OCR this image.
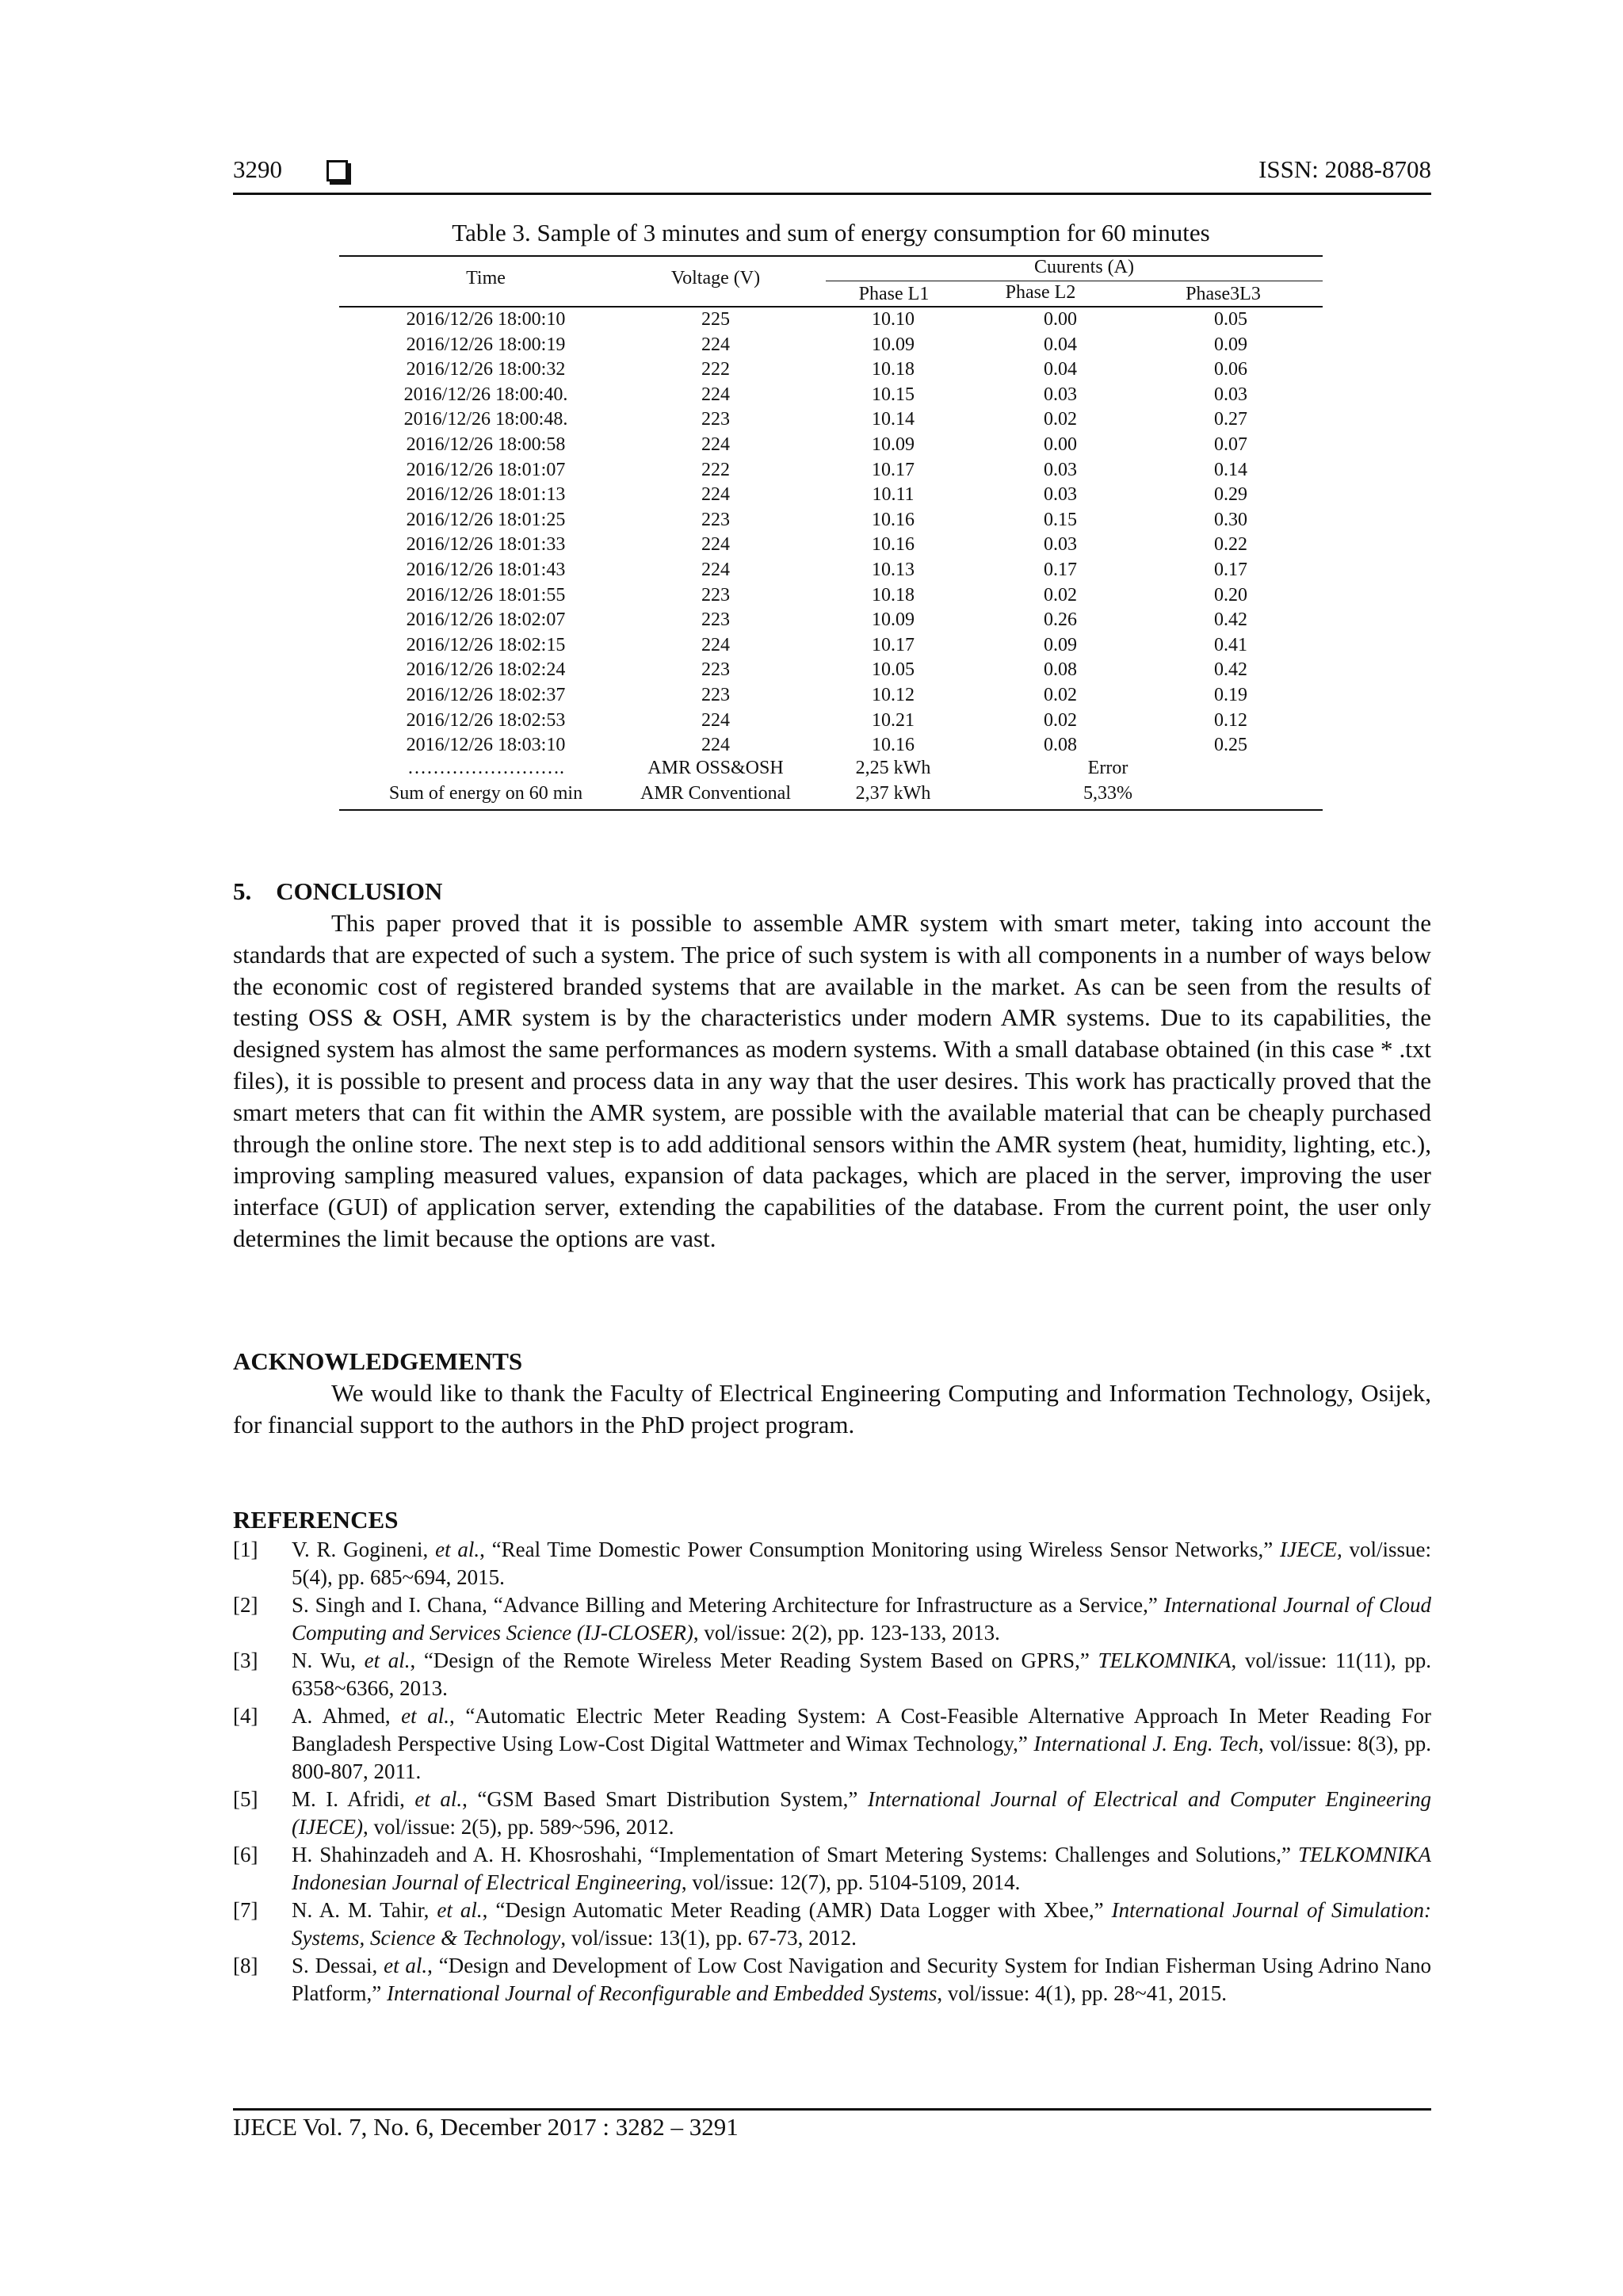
3290	ISSN: 2088-8708
Table 3. Sample of 3 minutes and sum of energy consumption for 60 minutes
Time	Voltage (V)
Cuurents (A)
Phase L1	Phase L2	Phase3L3
2016/12/26 18:00:10	225	10.10	0.00	0.05
2016/12/26 18:00:19	224	10.09	0.04	0.09
2016/12/26 18:00:32	222	10.18	0.04	0.06
2016/12/26 18:00:40.	224	10.15	0.03	0.03
2016/12/26 18:00:48.	223	10.14	0.02	0.27
2016/12/26 18:00:58	224	10.09	0.00	0.07
2016/12/26 18:01:07	222	10.17	0.03	0.14
2016/12/26 18:01:13	224	10.11	0.03	0.29
2016/12/26 18:01:25	223	10.16	0.15	0.30
2016/12/26 18:01:33	224	10.16	0.03	0.22
2016/12/26 18:01:43	224	10.13	0.17	0.17
2016/12/26 18:01:55	223	10.18	0.02	0.20
2016/12/26 18:02:07	223	10.09	0.26	0.42
2016/12/26 18:02:15	224	10.17	0.09	0.41
2016/12/26 18:02:24	223	10.05	0.08	0.42
2016/12/26 18:02:37	223	10.12	0.02	0.19
2016/12/26 18:02:53	224	10.21	0.02	0.12
2016/12/26 18:03:10	224	10.16	0.08	0.25
…………………….	AMR OSS&OSH	2,25 kWh	Error
Sum of energy on 60 min	AMR Conventional	2,37 kWh	5,33%
5.    CONCLUSION

This paper proved that it is possible to assemble AMR system with smart meter, taking into account the standards that are expected of such a system. The price of such system is with all components in a number of ways below the economic cost of registered branded systems that are available in the market. As can be seen from the results of testing OSS & OSH, AMR system is by the characteristics under modern AMR systems. Due to its capabilities, the designed system has almost the same performances as modern systems. With a small database obtained (in this case * .txt files), it is possible to present and process data in any way that the user desires. This work has practically proved that the smart meters that can fit within the AMR system, are possible with the available material that can be cheaply purchased through the online store. The next step is to add additional sensors within the AMR system (heat, humidity, lighting, etc.), improving sampling measured values, expansion of data packages, which are placed in the server, improving the user interface (GUI) of application server, extending the capabilities of the database. From the current point, the user only determines the limit because the options are vast.

ACKNOWLEDGEMENTS

We would like to thank the Faculty of Electrical Engineering Computing and Information Technology, Osijek, for financial support to the authors in the PhD project program.

REFERENCES
[1] V. R. Gogineni, et al., “Real Time Domestic Power Consumption Monitoring using Wireless Sensor Networks,” IJECE, vol/issue: 5(4), pp. 685~694, 2015.
[2] S. Singh and I. Chana, “Advance Billing and Metering Architecture for Infrastructure as a Service,” International Journal of Cloud Computing and Services Science (IJ-CLOSER), vol/issue: 2(2), pp. 123-133, 2013.
[3] N. Wu, et al., “Design of the Remote Wireless Meter Reading System Based on GPRS,” TELKOMNIKA, vol/issue: 11(11), pp. 6358~6366, 2013.
[4] A. Ahmed, et al., “Automatic Electric Meter Reading System: A Cost-Feasible Alternative Approach In Meter Reading For Bangladesh Perspective Using Low-Cost Digital Wattmeter and Wimax Technology,” International J. Eng. Tech, vol/issue: 8(3), pp. 800-807, 2011.
[5] M. I. Afridi, et al., “GSM Based Smart Distribution System,” International Journal of Electrical and Computer Engineering (IJECE), vol/issue: 2(5), pp. 589~596, 2012.
[6] H. Shahinzadeh and A. H. Khosroshahi, “Implementation of Smart Metering Systems: Challenges and Solutions,” TELKOMNIKA Indonesian Journal of Electrical Engineering, vol/issue: 12(7), pp. 5104-5109, 2014.
[7] N. A. M. Tahir, et al., “Design Automatic Meter Reading (AMR) Data Logger with Xbee,” International Journal of Simulation: Systems, Science & Technology, vol/issue: 13(1), pp. 67-73, 2012.
[8] S. Dessai, et al., “Design and Development of Low Cost Navigation and Security System for Indian Fisherman Using Adrino Nano Platform,” International Journal of Reconfigurable and Embedded Systems, vol/issue: 4(1), pp. 28~41, 2015.
IJECE Vol. 7, No. 6, December 2017 : 3282 – 3291
